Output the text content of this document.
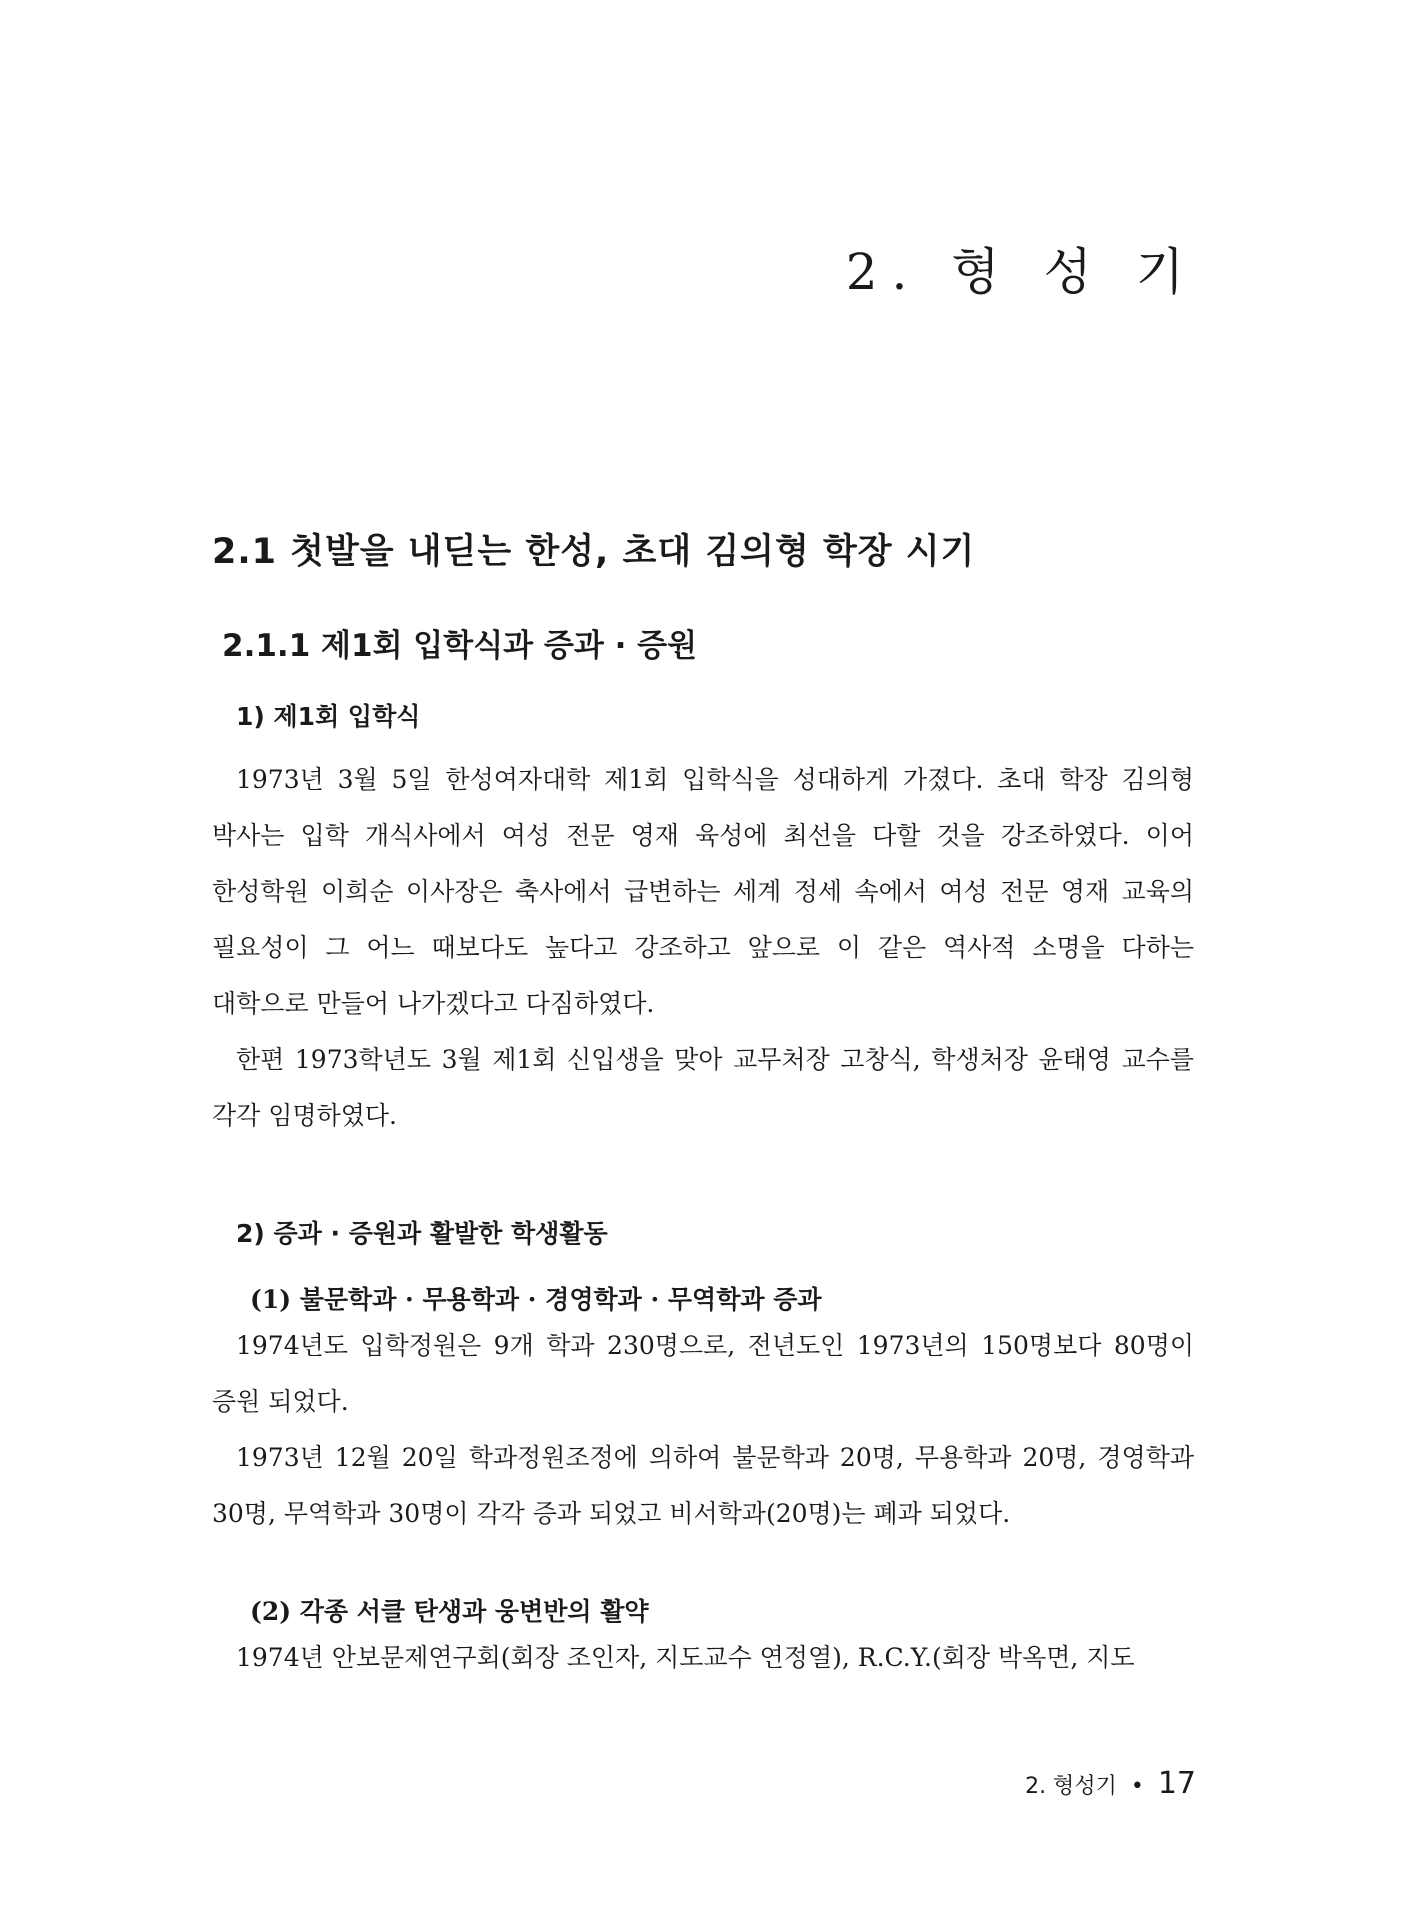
2. 형 성 기
2.1 첫발을 내딛는 한성, 초대 김의형 학장 시기
2.1.1 제1회 입학식과 증과 · 증원
1) 제1회 입학식

1973년 3월 5일 한성여자대학 제1회 입학식을 성대하게 가졌다. 초대 학장 김의형 박사는 입학 개식사에서 여성 전문 영재 육성에 최선을 다할 것을 강조하였다. 이어 한성학원 이희순 이사장은 축사에서 급변하는 세계 정세 속에서 여성 전문 영재 교육의 필요성이 그 어느 때보다도 높다고 강조하고 앞으로 이 같은 역사적 소명을 다하는 대학으로 만들어 나가겠다고 다짐하였다.

한편 1973학년도 3월 제1회 신입생을 맞아 교무처장 고창식, 학생처장 윤태영 교수를 각각 임명하였다.

2) 증과 · 증원과 활발한 학생활동
(1) 불문학과 · 무용학과 · 경영학과 · 무역학과 증과

1974년도 입학정원은 9개 학과 230명으로, 전년도인 1973년의 150명보다 80명이 증원 되었다.

1973년 12월 20일 학과정원조정에 의하여 불문학과 20명, 무용학과 20명, 경영학과 30명, 무역학과 30명이 각각 증과 되었고 비서학과(20명)는 폐과 되었다.

(2) 각종 서클 탄생과 웅변반의 활약

1974년 안보문제연구회(회장 조인자, 지도교수 연정열), R.C.Y.(회장 박옥면, 지도

2. 형성기 • 17
